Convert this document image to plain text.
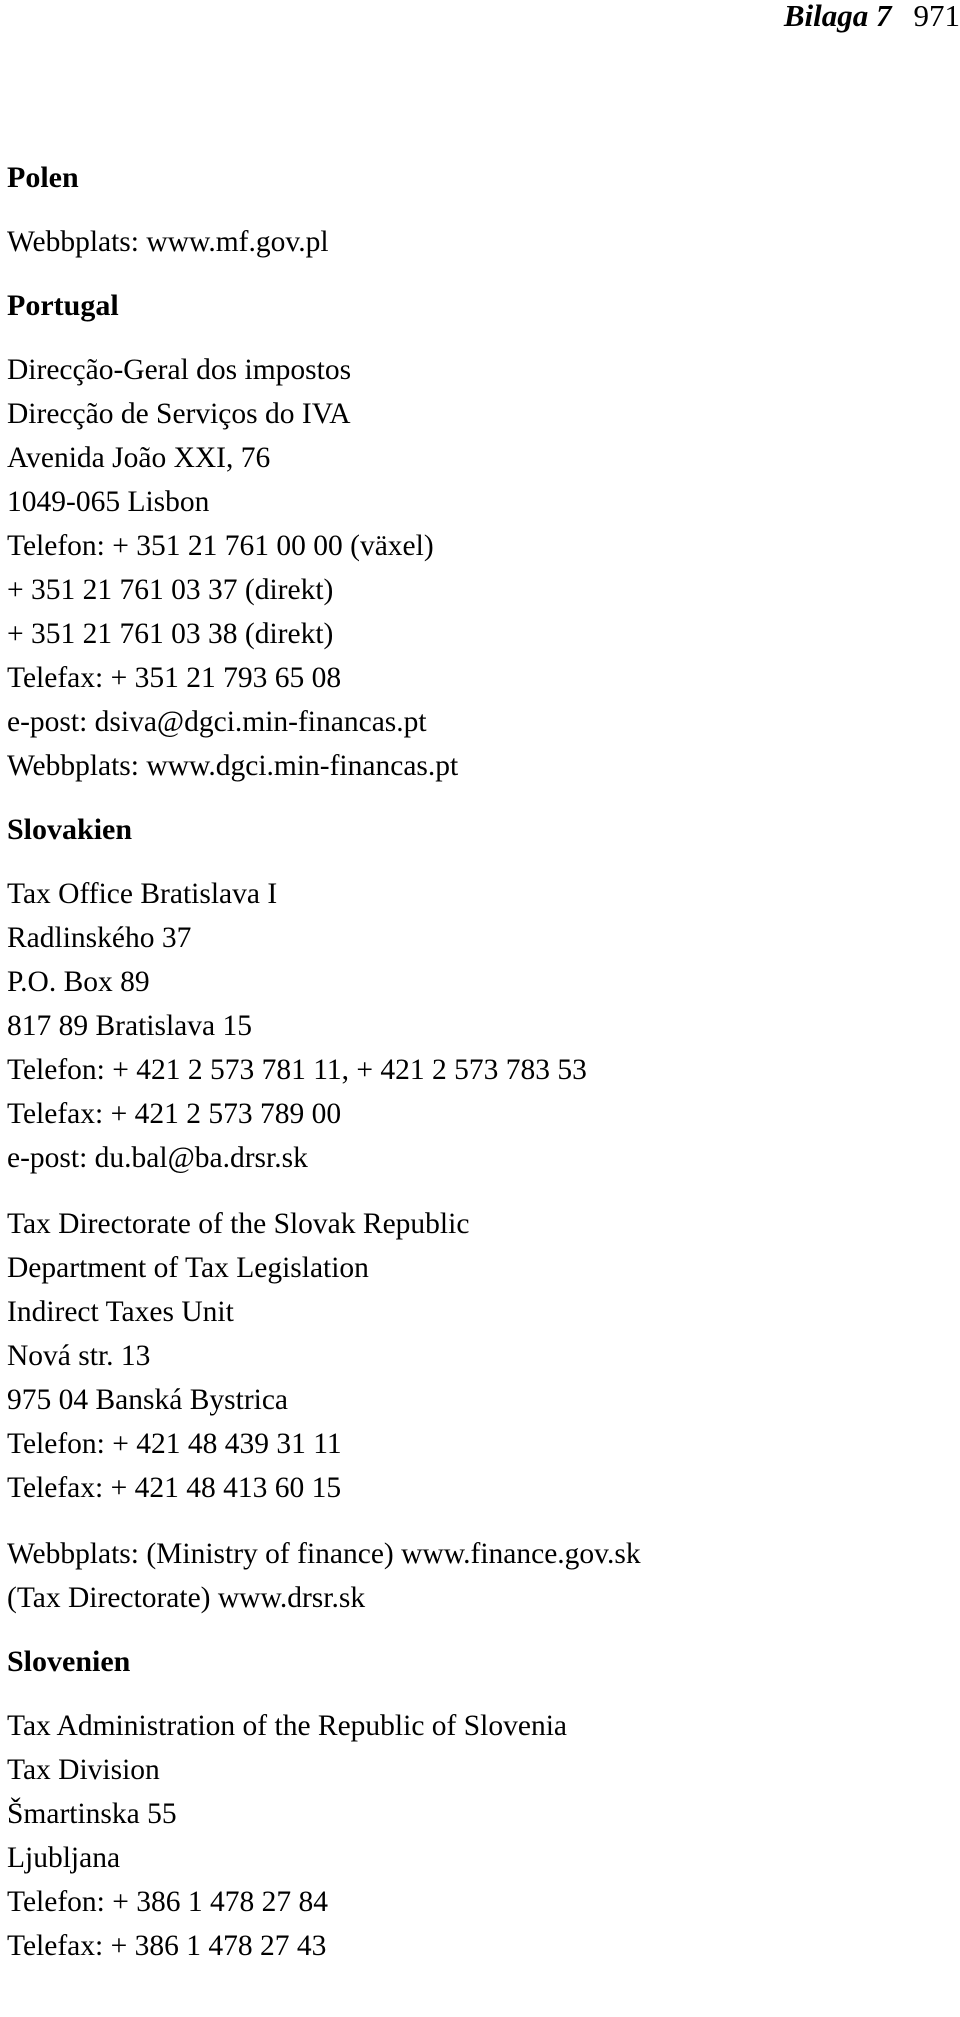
Bilaga 7 971
Polen
Webbplats: www.mf.gov.pl
Portugal
Direcção-Geral dos impostos
Direcção de Serviços do IVA
Avenida João XXI, 76
1049-065 Lisbon
Telefon: + 351 21 761 00 00 (växel)
+ 351 21 761 03 37 (direkt)
+ 351 21 761 03 38 (direkt)
Telefax: + 351 21 793 65 08
e-post: dsiva@dgci.min-financas.pt
Webbplats: www.dgci.min-financas.pt
Slovakien
Tax Office Bratislava I
Radlinského 37
P.O. Box 89
817 89 Bratislava 15
Telefon: + 421 2 573 781 11, + 421 2 573 783 53
Telefax: + 421 2 573 789 00
e-post: du.bal@ba.drsr.sk
Tax Directorate of the Slovak Republic
Department of Tax Legislation
Indirect Taxes Unit
Nová str. 13
975 04 Banská Bystrica
Telefon: + 421 48 439 31 11
Telefax: + 421 48 413 60 15
Webbplats: (Ministry of finance) www.finance.gov.sk
(Tax Directorate) www.drsr.sk
Slovenien
Tax Administration of the Republic of Slovenia
Tax Division
Šmartinska 55
Ljubljana
Telefon: + 386 1 478 27 84
Telefax: + 386 1 478 27 43
